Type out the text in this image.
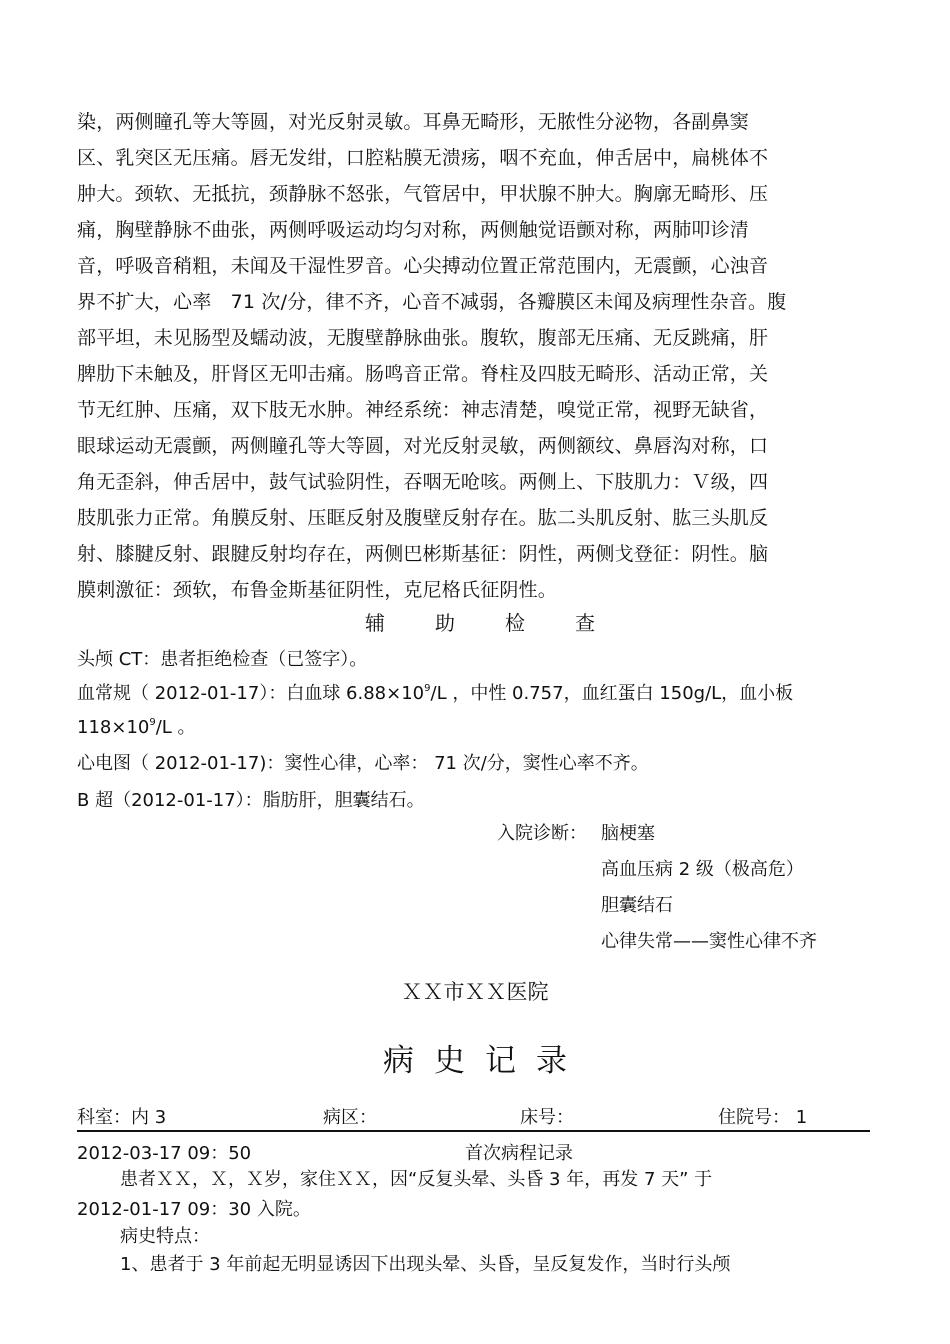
染，两侧瞳孔等大等圆，对光反射灵敏。耳鼻无畸形，无脓性分泌物，各副鼻窦
区、乳突区无压痛。唇无发绀，口腔粘膜无溃疡，咽不充血，伸舌居中，扁桃体不
肿大。颈软、无抵抗，颈静脉不怒张，气管居中，甲状腺不肿大。胸廓无畸形、压
痛，胸壁静脉不曲张，两侧呼吸运动均匀对称，两侧触觉语颤对称，两肺叩诊清
音，呼吸音稍粗，未闻及干湿性罗音。心尖搏动位置正常范围内，无震颤，心浊音
界不扩大，心率　71 次/分，律不齐，心音不减弱，各瓣膜区未闻及病理性杂音。腹
部平坦，未见肠型及蠕动波，无腹壁静脉曲张。腹软，腹部无压痛、无反跳痛，肝
脾肋下未触及，肝肾区无叩击痛。肠鸣音正常。脊柱及四肢无畸形、活动正常，关
节无红肿、压痛，双下肢无水肿。神经系统：神志清楚，嗅觉正常，视野无缺省，
眼球运动无震颤，两侧瞳孔等大等圆，对光反射灵敏，两侧额纹、鼻唇沟对称，口
角无歪斜，伸舌居中，鼓气试验阴性，吞咽无呛咳。两侧上、下肢肌力：Ｖ级，四
肢肌张力正常。角膜反射、压眶反射及腹壁反射存在。肱二头肌反射、肱三头肌反
射、膝腱反射、跟腱反射均存在，两侧巴彬斯基征：阴性，两侧戈登征：阴性。脑
膜刺激征：颈软，布鲁金斯基征阴性，克尼格氏征阴性。
辅	助	检	查
头颅 CT：患者拒绝检查（已签字）。
血常规（ 2012-01-17）：白血球 $6.88\times 10^9/L$ ，中性 0.757，血红蛋白 150g/L，血小板
$118\times 10^9/L$ 。
心电图（ 2012-01-17)：窦性心律，心率： 71 次/分，窦性心率不齐。
B 超（2012-01-17）：脂肪肝，胆囊结石。
入院诊断： 脑梗塞
高血压病 2 级（极高危）
胆囊结石
心律失常——窦性心律不齐
ＸＸ市ＸＸ医院
病史记录
科室：内 3	病区：	床号：	住院号： 1
2012-03-17 09：50	首次病程记录
患者ＸＸ，Ｘ，Ｘ岁，家住ＸＸ，因“反复头晕、头昏 3 年，再发 7 天” 于
2012-01-17 09：30 入院。
病史特点：
1、患者于 3 年前起无明显诱因下出现头晕、头昏，呈反复发作，当时行头颅
